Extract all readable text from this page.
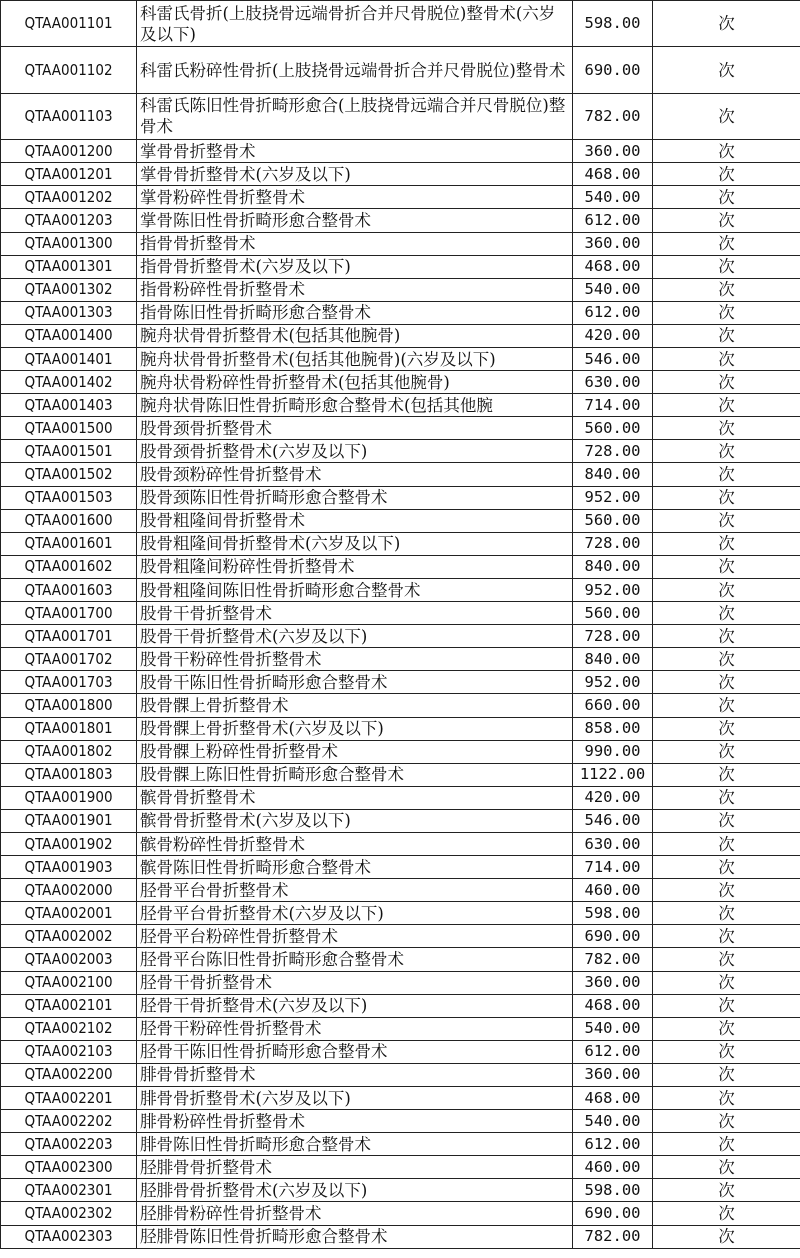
QTAA001101	科雷氏骨折(上肢挠骨远端骨折合并尺骨脱位)整骨术(六岁及以下)	598.00	次
QTAA001102	科雷氏粉碎性骨折(上肢挠骨远端骨折合并尺骨脱位)整骨术	690.00	次
QTAA001103	科雷氏陈旧性骨折畸形愈合(上肢挠骨远端合并尺骨脱位)整骨术	782.00	次
QTAA001200	掌骨骨折整骨术	360.00	次
QTAA001201	掌骨骨折整骨术(六岁及以下)	468.00	次
QTAA001202	掌骨粉碎性骨折整骨术	540.00	次
QTAA001203	掌骨陈旧性骨折畸形愈合整骨术	612.00	次
QTAA001300	指骨骨折整骨术	360.00	次
QTAA001301	指骨骨折整骨术(六岁及以下)	468.00	次
QTAA001302	指骨粉碎性骨折整骨术	540.00	次
QTAA001303	指骨陈旧性骨折畸形愈合整骨术	612.00	次
QTAA001400	腕舟状骨骨折整骨术(包括其他腕骨)	420.00	次
QTAA001401	腕舟状骨骨折整骨术(包括其他腕骨)(六岁及以下)	546.00	次
QTAA001402	腕舟状骨粉碎性骨折整骨术(包括其他腕骨)	630.00	次
QTAA001403	腕舟状骨陈旧性骨折畸形愈合整骨术(包括其他腕	714.00	次
QTAA001500	股骨颈骨折整骨术	560.00	次
QTAA001501	股骨颈骨折整骨术(六岁及以下)	728.00	次
QTAA001502	股骨颈粉碎性骨折整骨术	840.00	次
QTAA001503	股骨颈陈旧性骨折畸形愈合整骨术	952.00	次
QTAA001600	股骨粗隆间骨折整骨术	560.00	次
QTAA001601	股骨粗隆间骨折整骨术(六岁及以下)	728.00	次
QTAA001602	股骨粗隆间粉碎性骨折整骨术	840.00	次
QTAA001603	股骨粗隆间陈旧性骨折畸形愈合整骨术	952.00	次
QTAA001700	股骨干骨折整骨术	560.00	次
QTAA001701	股骨干骨折整骨术(六岁及以下)	728.00	次
QTAA001702	股骨干粉碎性骨折整骨术	840.00	次
QTAA001703	股骨干陈旧性骨折畸形愈合整骨术	952.00	次
QTAA001800	股骨髁上骨折整骨术	660.00	次
QTAA001801	股骨髁上骨折整骨术(六岁及以下)	858.00	次
QTAA001802	股骨髁上粉碎性骨折整骨术	990.00	次
QTAA001803	股骨髁上陈旧性骨折畸形愈合整骨术	1122.00	次
QTAA001900	髌骨骨折整骨术	420.00	次
QTAA001901	髌骨骨折整骨术(六岁及以下)	546.00	次
QTAA001902	髌骨粉碎性骨折整骨术	630.00	次
QTAA001903	髌骨陈旧性骨折畸形愈合整骨术	714.00	次
QTAA002000	胫骨平台骨折整骨术	460.00	次
QTAA002001	胫骨平台骨折整骨术(六岁及以下)	598.00	次
QTAA002002	胫骨平台粉碎性骨折整骨术	690.00	次
QTAA002003	胫骨平台陈旧性骨折畸形愈合整骨术	782.00	次
QTAA002100	胫骨干骨折整骨术	360.00	次
QTAA002101	胫骨干骨折整骨术(六岁及以下)	468.00	次
QTAA002102	胫骨干粉碎性骨折整骨术	540.00	次
QTAA002103	胫骨干陈旧性骨折畸形愈合整骨术	612.00	次
QTAA002200	腓骨骨折整骨术	360.00	次
QTAA002201	腓骨骨折整骨术(六岁及以下)	468.00	次
QTAA002202	腓骨粉碎性骨折整骨术	540.00	次
QTAA002203	腓骨陈旧性骨折畸形愈合整骨术	612.00	次
QTAA002300	胫腓骨骨折整骨术	460.00	次
QTAA002301	胫腓骨骨折整骨术(六岁及以下)	598.00	次
QTAA002302	胫腓骨粉碎性骨折整骨术	690.00	次
QTAA002303	胫腓骨陈旧性骨折畸形愈合整骨术	782.00	次
